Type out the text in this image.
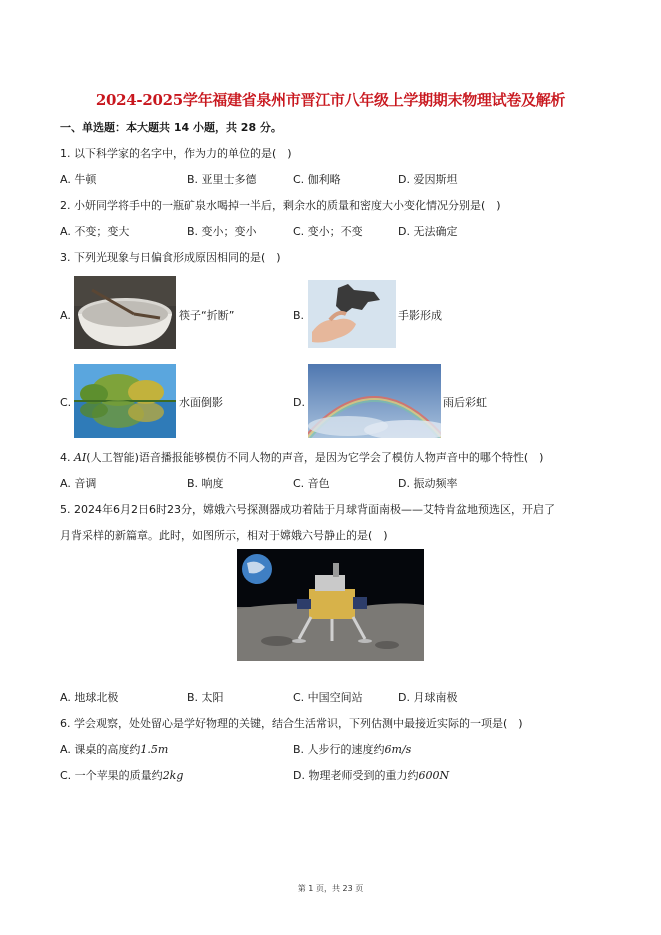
2024-2025学年福建省泉州市晋江市八年级上学期期末物理试卷及解析
一、单选题：本大题共 14 小题，共 28 分。
1. 以下科学家的名字中，作为力的单位的是(　)
A. 牛顿	B. 亚里士多德	C. 伽利略	D. 爱因斯坦
2. 小妍同学将手中的一瓶矿泉水喝掉一半后，剩余水的质量和密度大小变化情况分别是(　)
A. 不变；变大	B. 变小；变小	C. 变小；不变	D. 无法确定
3. 下列光现象与日偏食形成原因相同的是(　)
A.	筷子“折断”	B.	手影形成
C.	水面倒影	D.	雨后彩虹
4. AI(人工智能)语音播报能够模仿不同人物的声音，是因为它学会了模仿人物声音中的哪个特性(　)
A. 音调	B. 响度	C. 音色	D. 振动频率
5. 2024年6月2日6时23分，嫦娥六号探测器成功着陆于月球背面南极——艾特肯盆地预选区，开启了
月背采样的新篇章。此时，如图所示，相对于嫦娥六号静止的是(　)
A. 地球北极	B. 太阳	C. 中国空间站	D. 月球南极
6. 学会观察，处处留心是学好物理的关键，结合生活常识，下列估测中最接近实际的一项是(　)
A. 课桌的高度约1.5m	B. 人步行的速度约6m/s
C. 一个苹果的质量约2kg	D. 物理老师受到的重力约600N
第 1 页，共 23 页
